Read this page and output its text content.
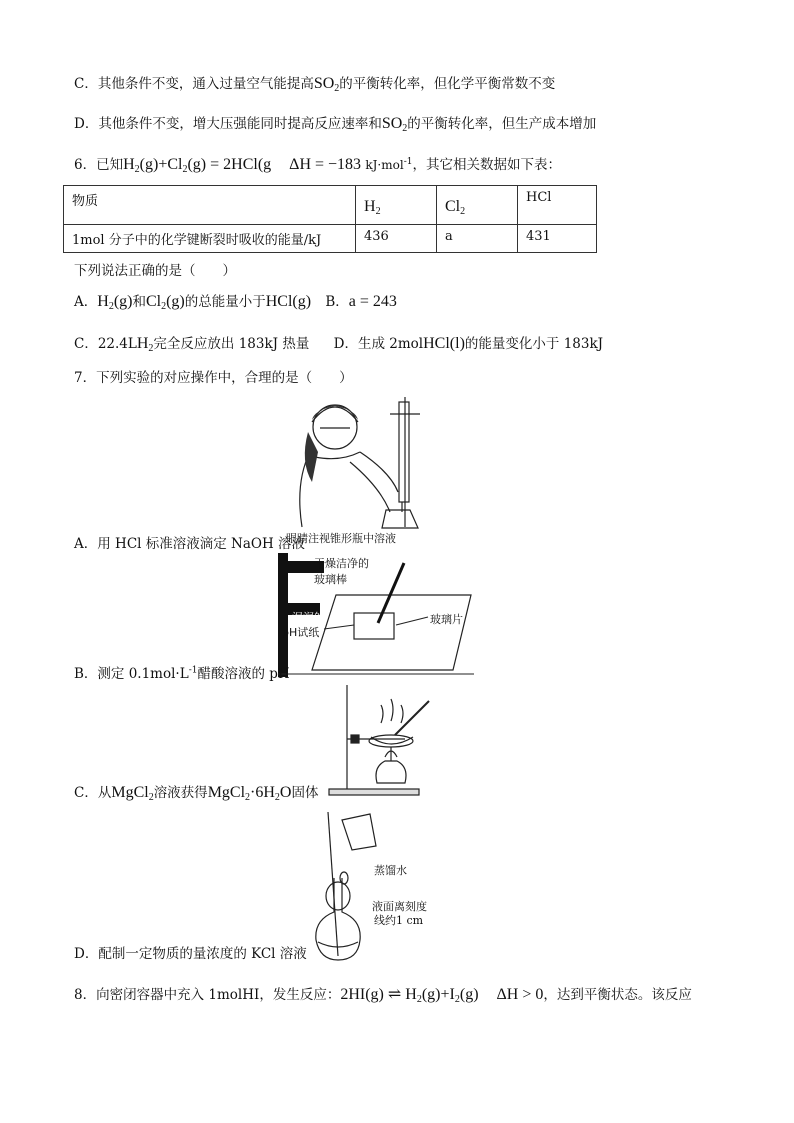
C．其他条件不变，通入过量空气能提高$SO_2$的平衡转化率，但化学平衡常数不变
D．其他条件不变，增大压强能同时提高反应速率和$SO_2$的平衡转化率，但生产成本增加
6．已知$H_2(g)+Cl_2(g) = 2HCl(g$ ΔH = −183 kJ·mol$^{-1}$，其它相关数据如下表：
物质	$H_2$	$Cl_2$	HCl
1mol 分子中的化学键断裂时吸收的能量/kJ	436	a	431
下列说法正确的是（　　）
A．$H_2(g)$和$Cl_2(g)$的总能量小于HCl(g) B．a = 243
C．$22.4LH_2$完全反应放出 183kJ 热量 D．生成 2molHCl(l)的能量变化小于 183kJ
7．下列实验的对应操作中，合理的是（　　）
眼睛注视锥形瓶中溶液
A．用 HCl 标准溶液滴定 NaOH 溶液
干燥洁净的
玻璃棒
玻璃片
湿润的
pH试纸
B．测定 $0.1mol\cdot L^{-1}$醋酸溶液的 pH
C．从MgCl$_2$溶液获得$MgCl_2\cdot 6H_2O$固体
蒸馏水
液面离刻度
线约1 cm
D．配制一定物质的量浓度的 KCl 溶液
8．向密闭容器中充入 1molHI，发生反应：2HI(g) ⇌ $H_2(g)+I_2(g) \Delta H > 0$，达到平衡状态。该反应
